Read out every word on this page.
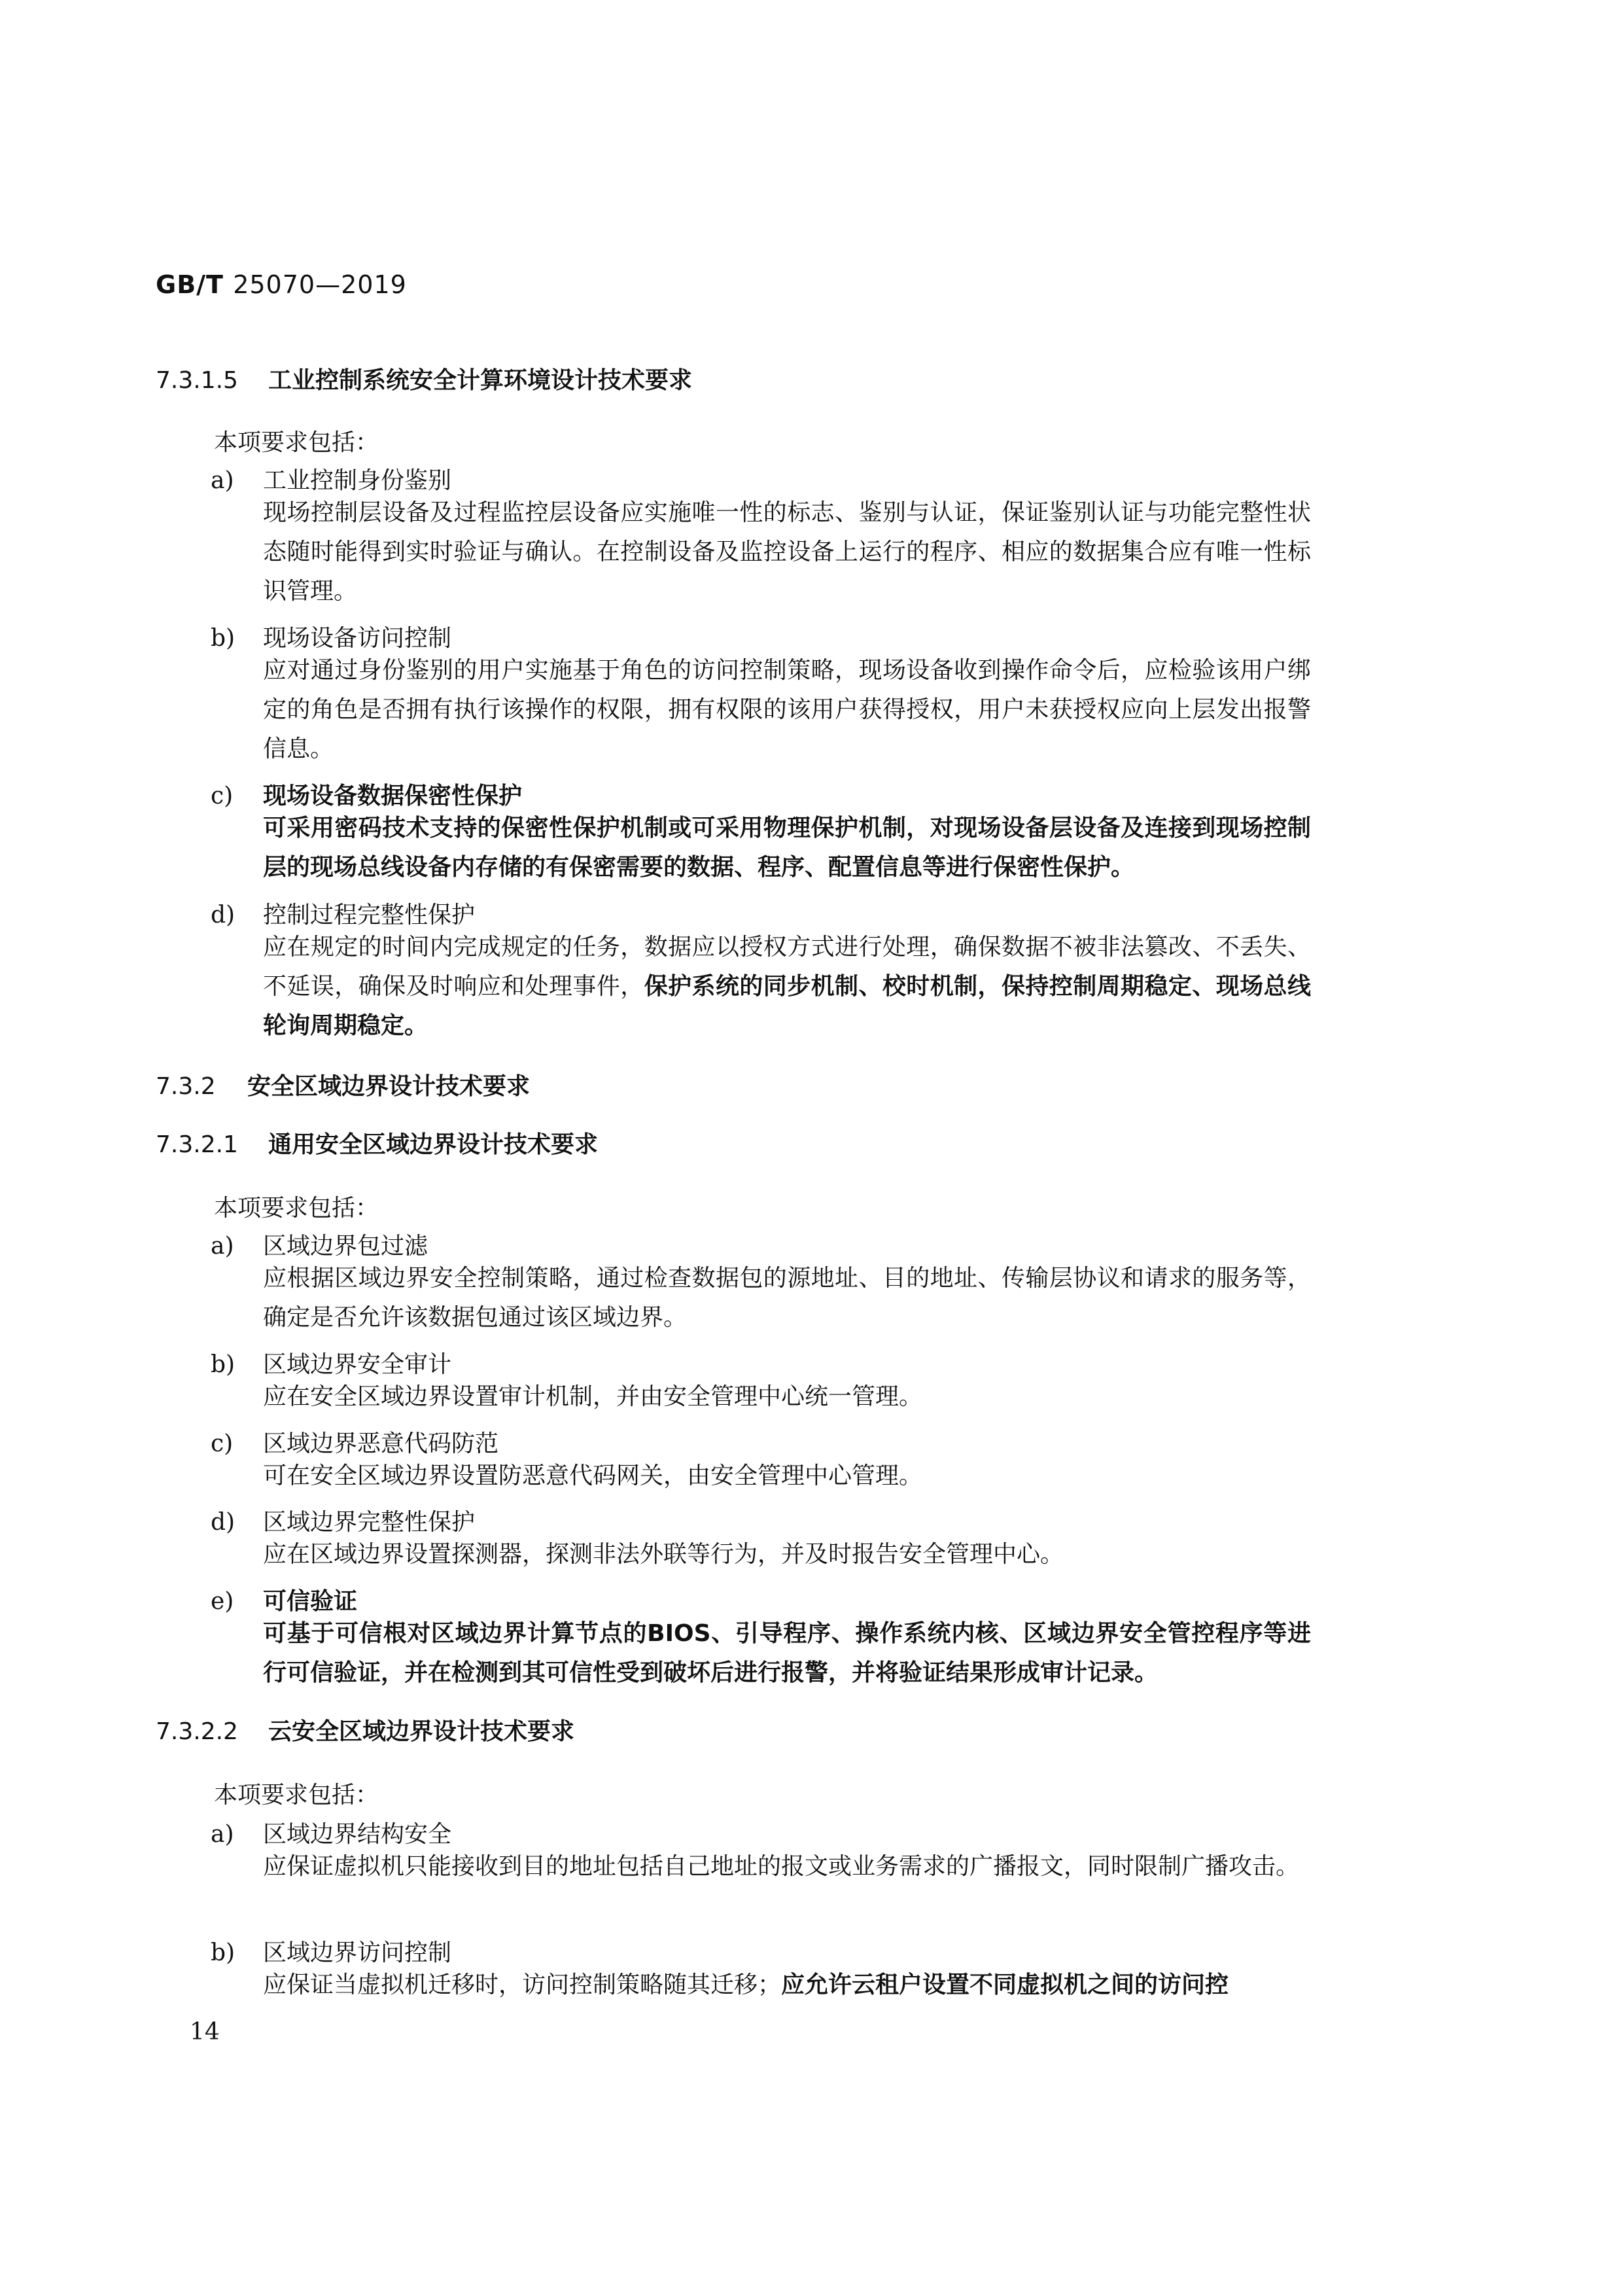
GB/T 25070—2019
7.3.1.5 工业控制系统安全计算环境设计技术要求
本项要求包括：
a) 工业控制身份鉴别
现场控制层设备及过程监控层设备应实施唯一性的标志、鉴别与认证，保证鉴别认证与功能完整性状态随时能得到实时验证与确认。在控制设备及监控设备上运行的程序、相应的数据集合应有唯一性标识管理。
b) 现场设备访问控制
应对通过身份鉴别的用户实施基于角色的访问控制策略，现场设备收到操作命令后，应检验该用户绑定的角色是否拥有执行该操作的权限，拥有权限的该用户获得授权，用户未获授权应向上层发出报警信息。
c) 现场设备数据保密性保护
可采用密码技术支持的保密性保护机制或可采用物理保护机制，对现场设备层设备及连接到现场控制层的现场总线设备内存储的有保密需要的数据、程序、配置信息等进行保密性保护。
d) 控制过程完整性保护
应在规定的时间内完成规定的任务，数据应以授权方式进行处理，确保数据不被非法篡改、不丢失、不延误，确保及时响应和处理事件，保护系统的同步机制、校时机制，保持控制周期稳定、现场总线轮询周期稳定。
7.3.2 安全区域边界设计技术要求
7.3.2.1 通用安全区域边界设计技术要求
本项要求包括：
a) 区域边界包过滤
应根据区域边界安全控制策略，通过检查数据包的源地址、目的地址、传输层协议和请求的服务等，确定是否允许该数据包通过该区域边界。
b) 区域边界安全审计
应在安全区域边界设置审计机制，并由安全管理中心统一管理。
c) 区域边界恶意代码防范
可在安全区域边界设置防恶意代码网关，由安全管理中心管理。
d) 区域边界完整性保护
应在区域边界设置探测器，探测非法外联等行为，并及时报告安全管理中心。
e) 可信验证
可基于可信根对区域边界计算节点的BIOS、引导程序、操作系统内核、区域边界安全管控程序等进行可信验证，并在检测到其可信性受到破坏后进行报警，并将验证结果形成审计记录。
7.3.2.2 云安全区域边界设计技术要求
本项要求包括：
a) 区域边界结构安全
应保证虚拟机只能接收到目的地址包括自己地址的报文或业务需求的广播报文，同时限制广播攻击。
b) 区域边界访问控制
应保证当虚拟机迁移时，访问控制策略随其迁移；应允许云租户设置不同虚拟机之间的访问控
14
